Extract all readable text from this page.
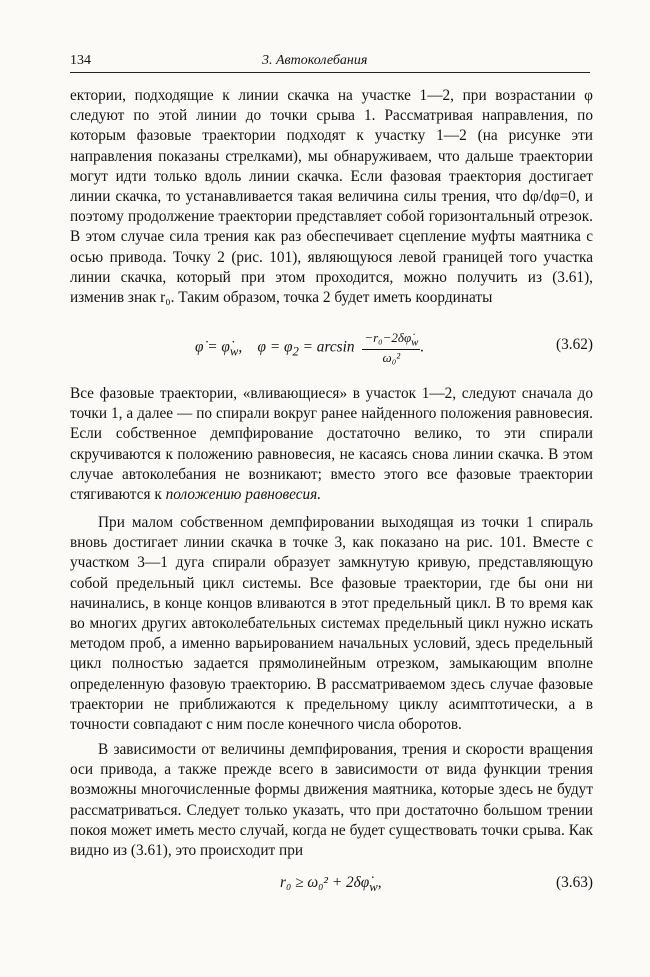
134	3. Автоколебания

ектории, подходящие к линии скачка на участке 1—2, при возрастании φ следуют по этой линии до точки срыва 1. Рассматривая направления, по которым фазовые траектории подходят к участку 1—2 (на рисунке эти направления показаны стрелками), мы обнаруживаем, что дальше траектории могут идти только вдоль линии скачка. Если фазовая траектория достигает линии скачка, то устанавливается такая величина силы трения, что dφ/dφ=0, и поэтому продолжение траектории представляет собой горизонтальный отрезок. В этом случае сила трения как раз обеспечивает сцепление муфты маятника с осью привода. Точку 2 (рис. 101), являющуюся левой границей того участка линии скачка, который при этом проходится, можно получить из (3.61), изменив знак r₀. Таким образом, точка 2 будет иметь координаты

φ̇ = $\varphi̇_w$,    $\varphi = \varphi_2 = \arcsin \frac{-r_0-2\delta\varphi̇_w}{\text{ω₀²}}$ .	(3.62)

Все фазовые траектории, «вливающиеся» в участок 1—2, следуют сначала до точки 1, а далее — по спирали вокруг ранее найденного положения равновесия. Если собственное демпфирование достаточно велико, то эти спирали скручиваются к положению равновесия, не касаясь снова линии скачка. В этом случае автоколебания не возникают; вместо этого все фазовые траектории стягиваются к положению равновесия.

При малом собственном демпфировании выходящая из точки 1 спираль вновь достигает линии скачка в точке 3, как показано на рис. 101. Вместе с участком 3—1 дуга спирали образует замкнутую кривую, представляющую собой предельный цикл системы. Все фазовые траектории, где бы они ни начинались, в конце концов вливаются в этот предельный цикл. В то время как во многих других автоколебательных системах предельный цикл нужно искать методом проб, а именно варьированием начальных условий, здесь предельный цикл полностью задается прямолинейным отрезком, замыкающим вполне определенную фазовую траекторию. В рассматриваемом здесь случае фазовые траектории не приближаются к предельному циклу асимптотически, а в точности совпадают с ним после конечного числа оборотов.

В зависимости от величины демпфирования, трения и скорости вращения оси привода, а также прежде всего в зависимости от вида функции трения возможны многочисленные формы движения маятника, которые здесь не будут рассматриваться. Следует только указать, что при достаточно большом трении покоя может иметь место случай, когда не будет существовать точки срыва. Как видно из (3.61), это происходит при

$r_0 \ge \omega_0^2 + 2\delta\varphi̇_w$,	(3.63)
